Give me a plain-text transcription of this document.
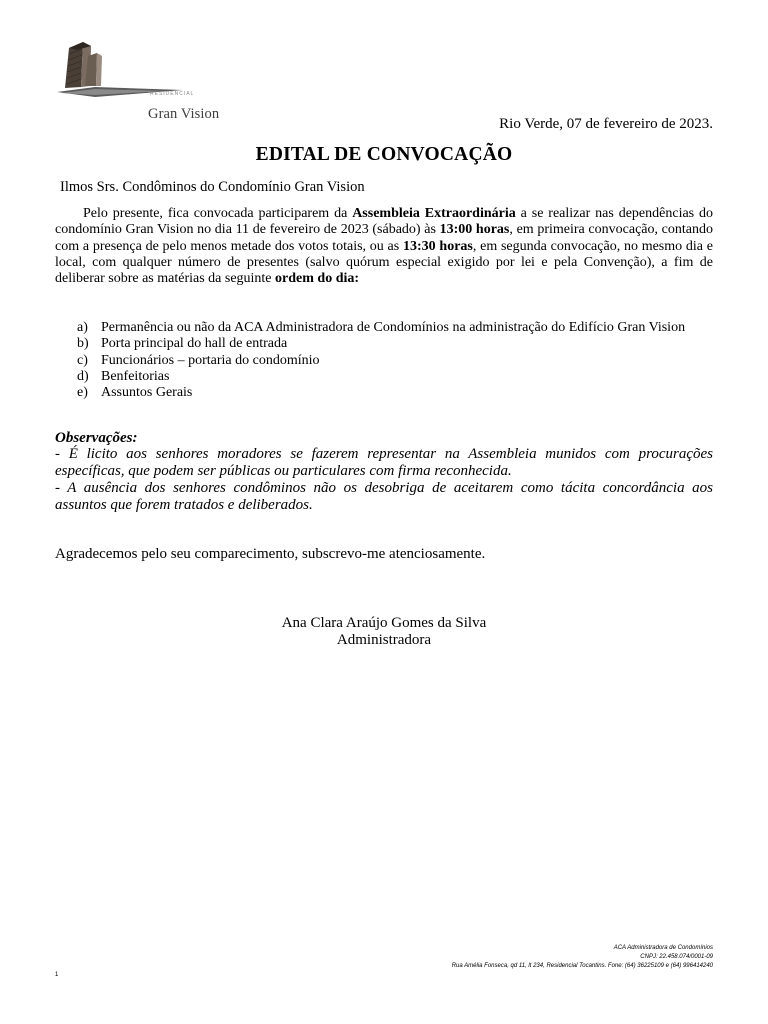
RESIDENCIAL
Gran Vision
Rio Verde, 07 de fevereiro de 2023.
EDITAL DE CONVOCAÇÃO
Ilmos Srs. Condôminos do Condomínio Gran Vision

Pelo presente, fica convocada participarem da Assembleia Extraordinária a se realizar nas dependências do condomínio Gran Vision no dia 11 de fevereiro de 2023 (sábado) às 13:00 horas, em primeira convocação, contando com a presença de pelo menos metade dos votos totais, ou as 13:30 horas, em segunda convocação, no mesmo dia e local, com qualquer número de presentes (salvo quórum especial exigido por lei e pela Convenção), a fim de deliberar sobre as matérias da seguinte ordem do dia:

a) Permanência ou não da ACA Administradora de Condomínios na administração do Edifício Gran Vision
b) Porta principal do hall de entrada
c) Funcionários – portaria do condomínio
d) Benfeitorias
e) Assuntos Gerais
Observações:

- É licito aos senhores moradores se fazerem representar na Assembleia munidos com procurações específicas, que podem ser públicas ou particulares com firma reconhecida.

- A ausência dos senhores condôminos não os desobriga de aceitarem como tácita concordância aos assuntos que forem tratados e deliberados.

Agradecemos pelo seu comparecimento, subscrevo-me atenciosamente.
Ana Clara Araújo Gomes da Silva
Administradora
ACA Administradora de Condomínios
CNPJ: 22.458.074/0001-09
Rua Amélia Fonseca, qd 11, lt 234, Residencial Tocantins. Fone: (64) 36225109 e (64) 996414240
1
